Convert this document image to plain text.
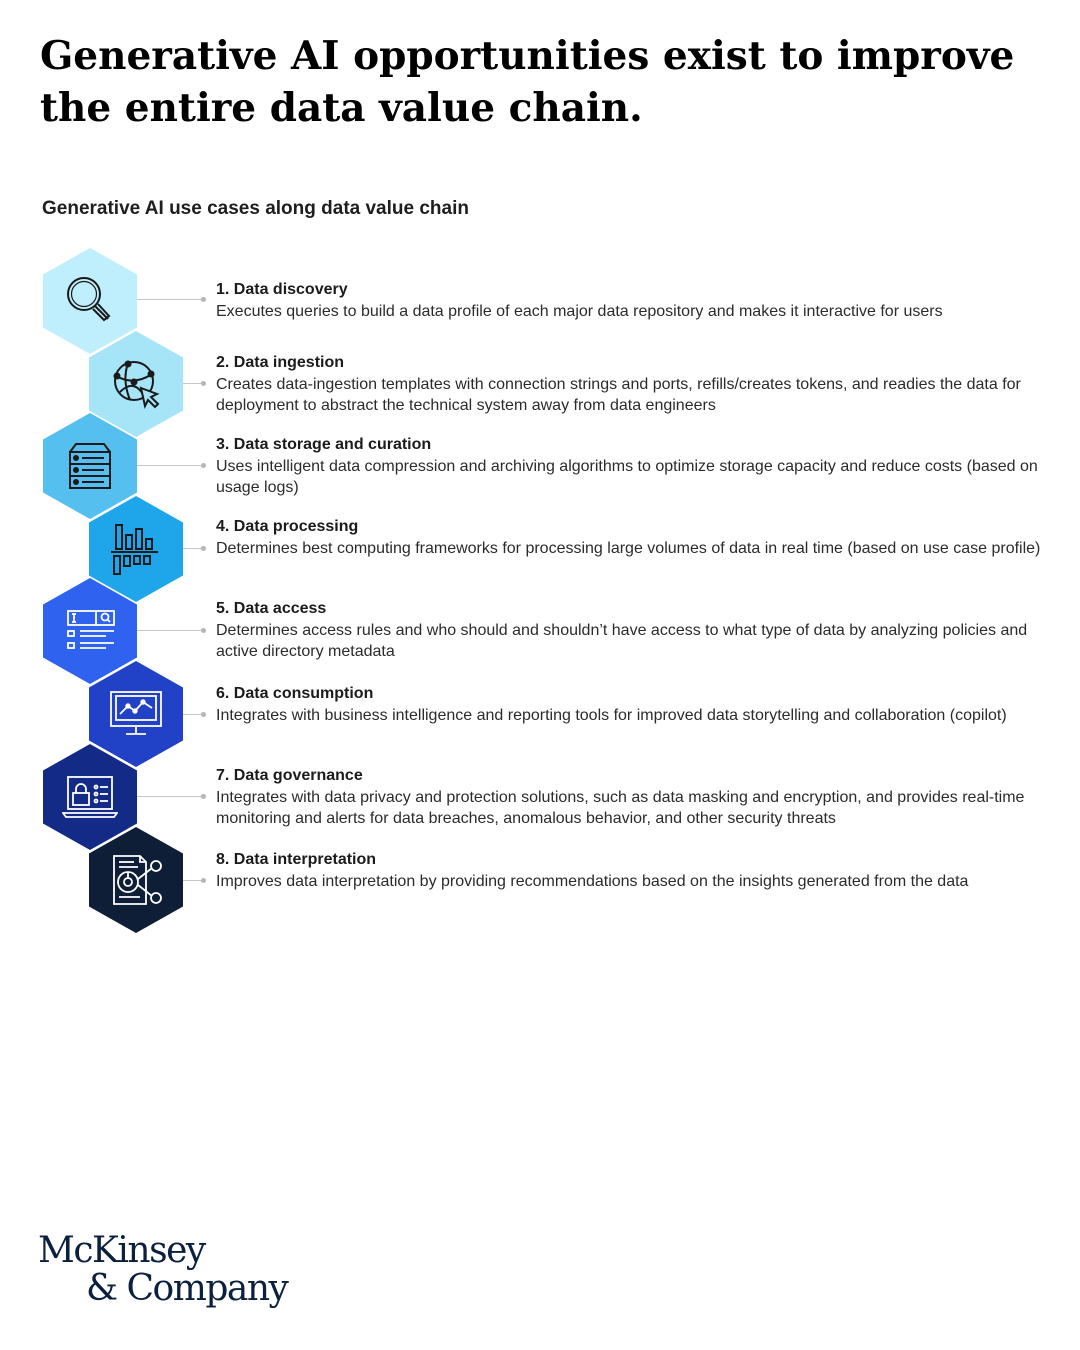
Generative AI opportunities exist to improve the entire data value chain.
Generative AI use cases along data value chain

1. Data discovery

Executes queries to build a data profile of each major data repository and makes it interactive for users

2. Data ingestion

Creates data-ingestion templates with connection strings and ports, refills/creates tokens, and readies the data for deployment to abstract the technical system away from data engineers

3. Data storage and curation

Uses intelligent data compression and archiving algorithms to optimize storage capacity and reduce costs (based on usage logs)

4. Data processing

Determines best computing frameworks for processing large volumes of data in real time (based on use case profile)

5. Data access

Determines access rules and who should and shouldn’t have access to what type of data by analyzing policies and active directory metadata

6. Data consumption

Integrates with business intelligence and reporting tools for improved data storytelling and collaboration (copilot)

7. Data governance

Integrates with data privacy and protection solutions, such as data masking and encryption, and provides real-time monitoring and alerts for data breaches, anomalous behavior, and other security threats

8. Data interpretation

Improves data interpretation by providing recommendations based on the insights generated from the data

McKinsey
& Company
